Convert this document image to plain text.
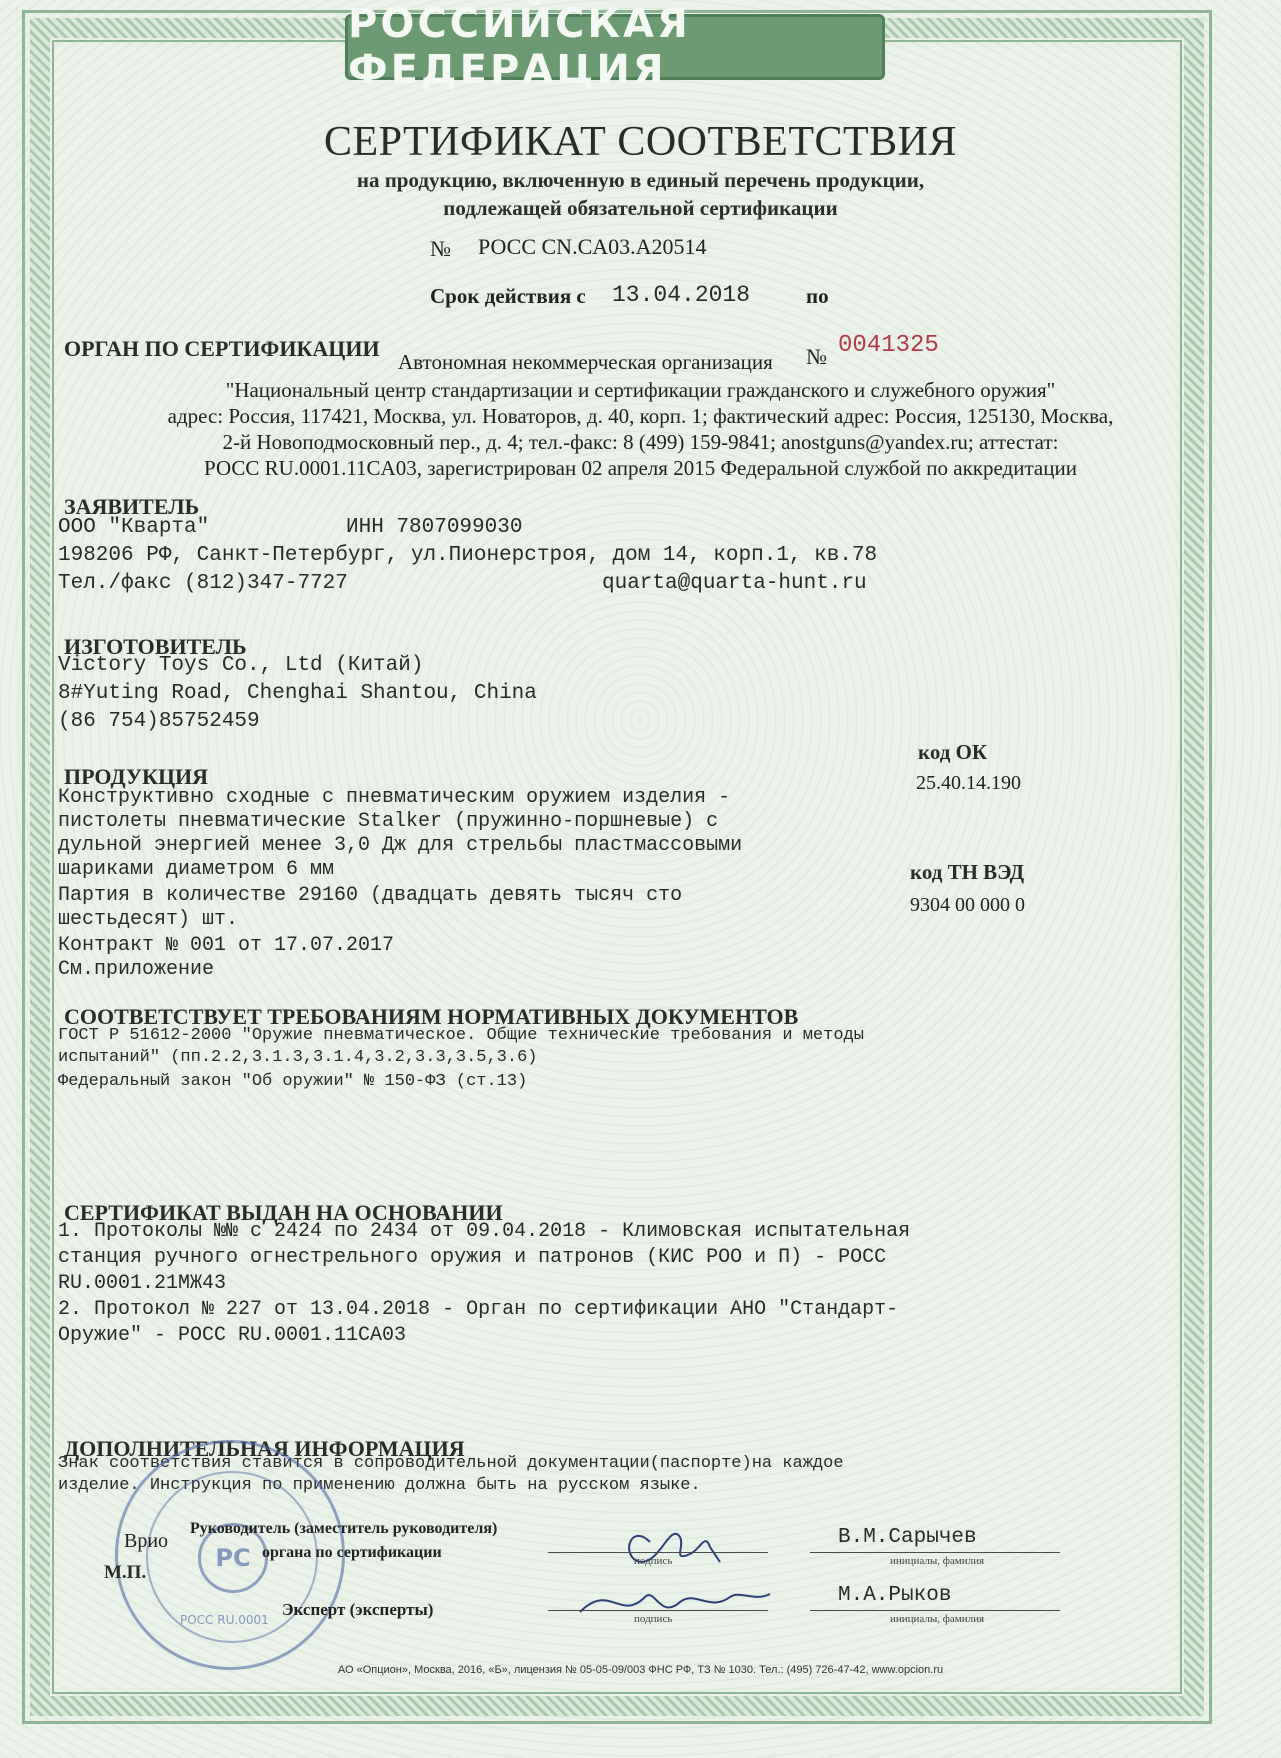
РОССИЙСКАЯ ФЕДЕРАЦИЯ
СЕРТИФИКАТ СООТВЕТСТВИЯ
на продукцию, включенную в единый перечень продукции,
подлежащей обязательной сертификации
№ РОСС CN.CA03.A20514
Срок действия с 13.04.2018	по
ОРГАН ПО СЕРТИФИКАЦИИ
Автономная некоммерческая организация № 0041325
"Национальный центр стандартизации и сертификации гражданского и служебного оружия"
адрес: Россия, 117421, Москва, ул. Новаторов, д. 40, корп. 1; фактический адрес: Россия, 125130, Москва,
2-й Новоподмосковный пер., д. 4; тел.-факс: 8 (499) 159-9841; anostguns@yandex.ru; аттестат:
РОСС RU.0001.11CA03, зарегистрирован 02 апреля 2015 Федеральной службой по аккредитации
ЗАЯВИТЕЛЬ
ООО "Кварта"	ИНН 7807099030
198206 РФ, Санкт-Петербург, ул.Пионерстроя, дом 14, корп.1, кв.78
Тел./факс (812)347-7727	quarta@quarta-hunt.ru
ИЗГОТОВИТЕЛЬ
Victory Toys Co., Ltd (Китай)
8#Yuting Road, Chenghai Shantou, China
(86 754)85752459
ПРОДУКЦИЯ
Конструктивно сходные с пневматическим оружием изделия -
пистолеты пневматические Stalker (пружинно-поршневые) с
дульной энергией менее 3,0 Дж для стрельбы пластмассовыми
шариками диаметром 6 мм
Партия в количестве 29160 (двадцать девять тысяч сто
шестьдесят) шт.
Контракт № 001 от 17.07.2017
См.приложение
код ОК
25.40.14.190
код ТН ВЭД
9304 00 000 0
СООТВЕТСТВУЕТ ТРЕБОВАНИЯМ НОРМАТИВНЫХ ДОКУМЕНТОВ
ГОСТ Р 51612-2000 "Оружие пневматическое. Общие технические требования и методы
испытаний" (пп.2.2,3.1.3,3.1.4,3.2,3.3,3.5,3.6)
Федеральный закон "Об оружии" № 150-ФЗ (ст.13)
СЕРТИФИКАТ ВЫДАН НА ОСНОВАНИИ
1. Протоколы №№ с 2424 по 2434 от 09.04.2018 - Климовская испытательная
станция ручного огнестрельного оружия и патронов (КИС РОО и П) - РОСС
RU.0001.21МЖ43
2. Протокол № 227 от 13.04.2018 - Орган по сертификации АНО "Стандарт-
Оружие" - РОСС RU.0001.11CA03
ДОПОЛНИТЕЛЬНАЯ ИНФОРМАЦИЯ
Знак соответствия ставится в сопроводительной документации(паспорте)на каждое
изделие. Инструкция по применению должна быть на русском языке.
PC
РОСС RU.0001
Врио
М.П.
Руководитель (заместитель руководителя)
органа по сертификации
Эксперт (эксперты)
подпись
В.М.Сарычев
инициалы, фамилия
подпись
М.А.Рыков
инициалы, фамилия
АО «Опцион», Москва, 2016, «Б», лицензия № 05-05-09/003 ФНС РФ, ТЗ № 1030. Тел.: (495) 726-47-42, www.opcion.ru
